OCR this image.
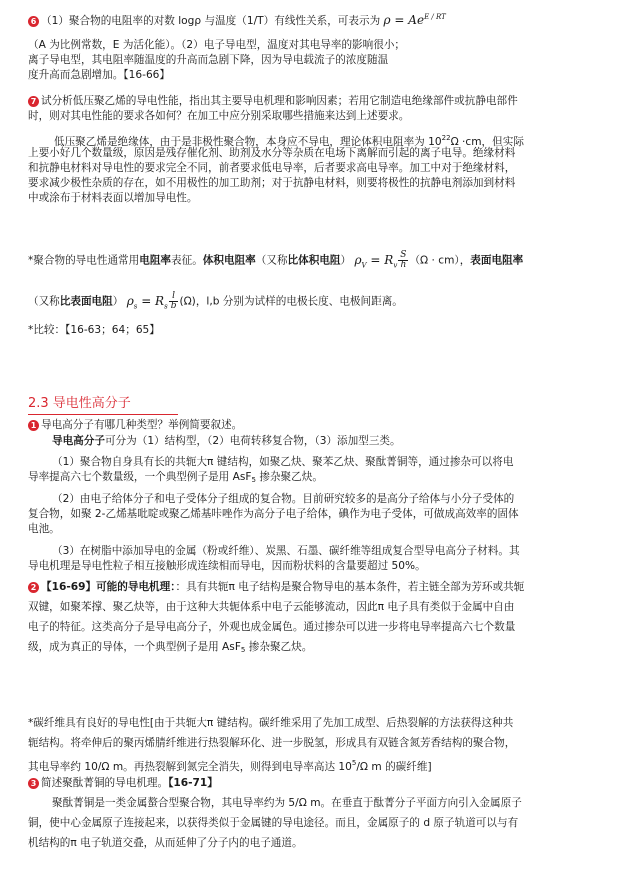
6 （1）聚合物的电阻率的对数 logρ 与温度（1/T）有线性关系，可表示为 $\rho = Ae^{E / RT}$
（A 为比例常数，E 为活化能）。（2）电子导电型，温度对其电导率的影响很小；
离子导电型，其电阻率随温度的升高而急剧下降，因为导电载流子的浓度随温
度升高而急剧增加。【16-66】
7 试分析低压聚乙烯的导电性能，指出其主要导电机理和影响因素；若用它制造电绝缘部件或抗静电部件
时，则对其电性能的要求各如何？在加工中应分别采取哪些措施来达到上述要求。
低压聚乙烯是绝缘体，由于是非极性聚合物，本身应不导电，理论体积电阻率为 $10^{22}\Omega \cdot cm$，但实际
上要小好几个数量级，原因是残存催化剂、助剂及水分等杂质在电场下离解而引起的离子电导。绝缘材料
和抗静电材料对导电性的要求完全不同，前者要求低电导率，后者要求高电导率。加工中对于绝缘材料，
要求减少极性杂质的存在，如不用极性的加工助剂；对于抗静电材料，则要将极性的抗静电剂添加到材料
中或涂布于材料表面以增加导电性。
*聚合物的导电性通常用电阻率表征。体积电阻率（又称比体积电阻） $\rho_V = R_v \frac{S}{h} (\Omega \cdot cm)$，表面电阻率
（又称比表面电阻） $\rho_s = R_s \frac{l}{b} (\Omega)$，l,b 分别为试样的电极长度、电极间距离。
*比较：【16-63；64；65】
2.3 导电性高分子
1 导电高分子有哪几种类型？举例简要叙述。
导电高分子可分为（1）结构型，（2）电荷转移复合物，（3）添加型三类。
（1）聚合物自身具有长的共轭大π 键结构，如聚乙炔、聚苯乙炔、聚酞菁铜等，通过掺杂可以将电
导率提高六七个数量级，一个典型例子是用 AsF$_5$ 掺杂聚乙炔。
（2）由电子给体分子和电子受体分子组成的复合物。目前研究较多的是高分子给体与小分子受体的
复合物，如聚 2-乙烯基吡啶或聚乙烯基咔唑作为高分子电子给体，碘作为电子受体，可做成高效率的固体
电池。
（3）在树脂中添加导电的金属（粉或纤维）、炭黑、石墨、碳纤维等组成复合型导电高分子材料。其
导电机理是导电性粒子相互接触形成连续相而导电，因而粉状料的含量要超过 50%。
2 【16-69】可能的导电机理：：具有共轭π 电子结构是聚合物导电的基本条件，若主链全部为芳环或共轭
双键，如聚苯撑、聚乙炔等，由于这种大共轭体系中电子云能够流动，因此π 电子具有类似于金属中自由
电子的特征。这类高分子是导电高分子，外观也成金属色。通过掺杂可以进一步将电导率提高六七个数量
级，成为真正的导体，一个典型例子是用 AsF$_5$ 掺杂聚乙炔。
*碳纤维具有良好的导电性[由于共轭大π 键结构。碳纤维采用了先加工成型、后热裂解的方法获得这种共
轭结构。将牵伸后的聚丙烯腈纤维进行热裂解环化、进一步脱氢，形成具有双链含氮芳香结构的聚合物，
其电导率约 10/Ω m。再热裂解到氮完全消失，则得到电导率高达 $10^5/\Omega$ m 的碳纤维]
3 简述聚酞菁铜的导电机理。【16-71】
聚酞菁铜是一类金属螯合型聚合物，其电导率约为 5/Ω m。在垂直于酞菁分子平面方向引入金属原子
铜，使中心金属原子连接起来，以获得类似于金属键的导电途径。而且，金属原子的 d 原子轨道可以与有
机结构的π 电子轨道交叠，从而延伸了分子内的电子通道。
